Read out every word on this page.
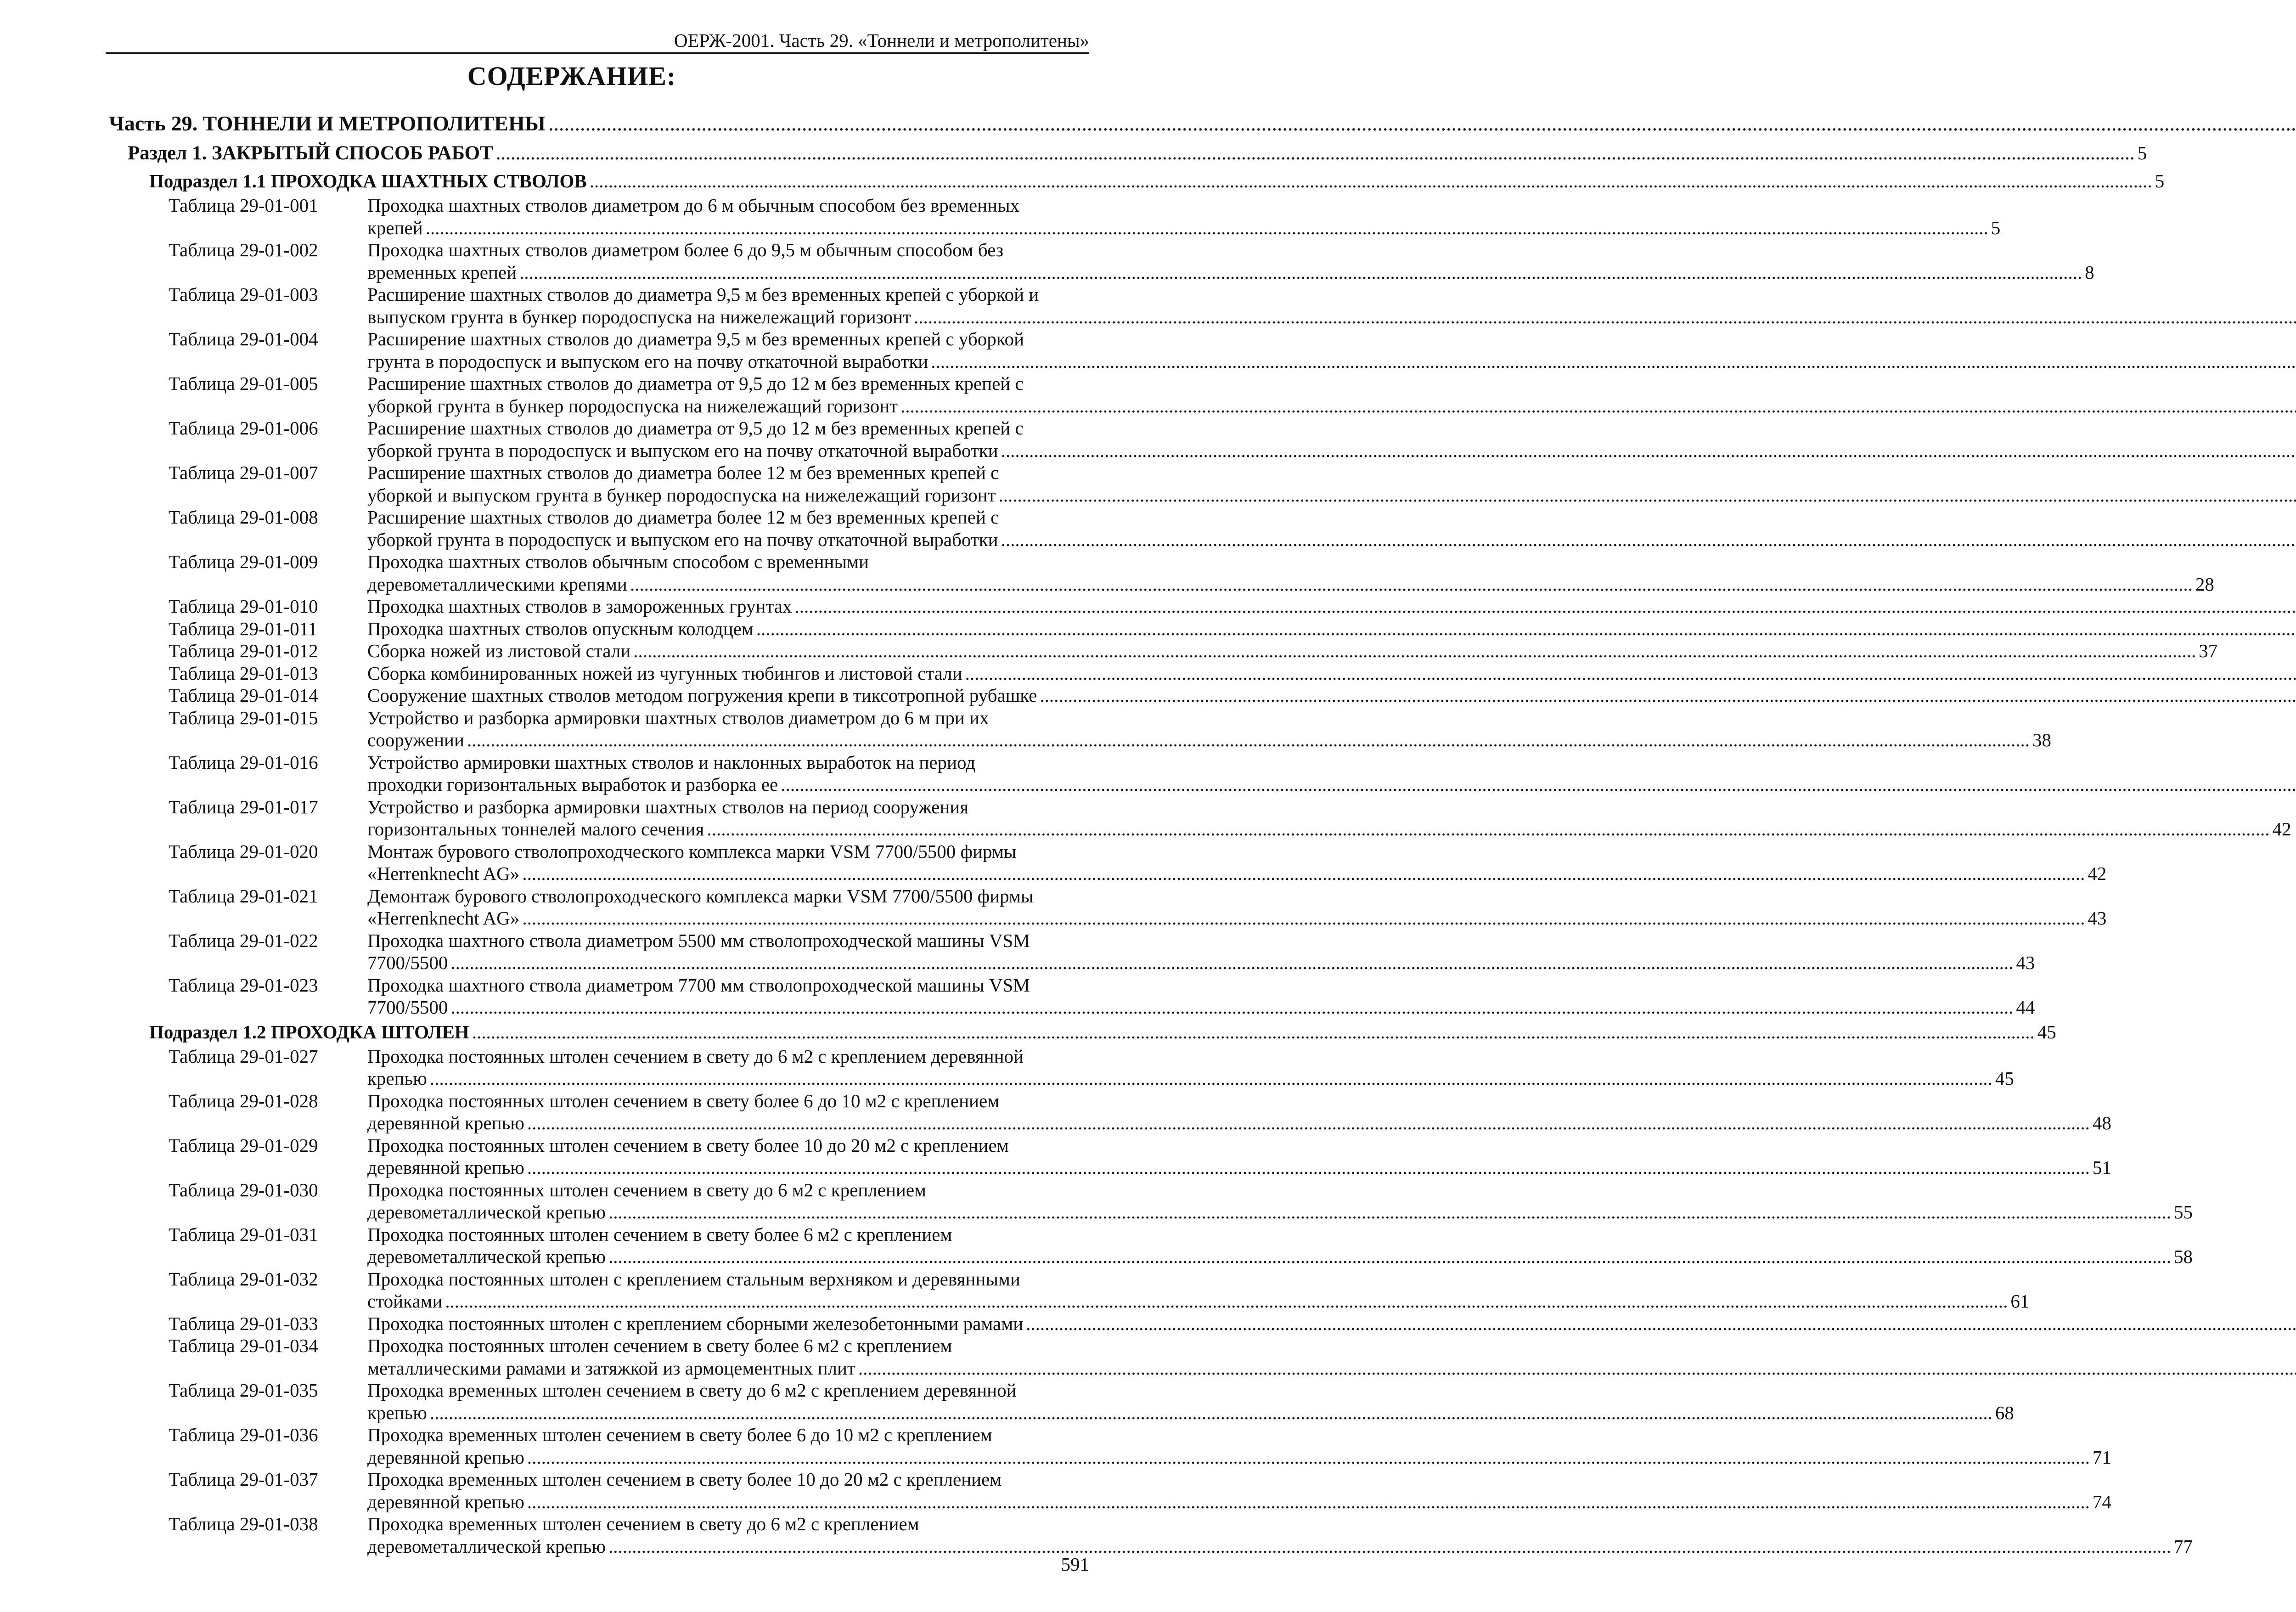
ОЕРЖ-2001. Часть 29. «Тоннели и метрополитены»
СОДЕРЖАНИЕ:
Часть 29. ТОННЕЛИ И МЕТРОПОЛИТЕНЫ
.....
Раздел 1. ЗАКРЫТЫЙ СПОСОБ РАБОТ .....	5
Подраздел 1.1 ПРОХОДКА ШАХТНЫХ СТВОЛОВ .....	5
Таблица 29-01-001	Проходка шахтных стволов диаметром до 6 м обычным способом без временных
крепей .....	5
Таблица 29-01-002	Проходка шахтных стволов диаметром более 6 до 9,5 м обычным способом без
временных крепей .....	8
Таблица 29-01-003	Расширение шахтных стволов до диаметра 9,5 м без временных крепей с уборкой и
выпуском грунта в бункер породоспуска на нижележащий горизонт
.....
Таблица 29-01-004	Расширение шахтных стволов до диаметра 9,5 м без временных крепей с уборкой
грунта в породоспуск и выпуском его на почву откаточной выработки
.....
Таблица 29-01-005	Расширение шахтных стволов до диаметра от 9,5 до 12 м без временных крепей с
уборкой грунта в бункер породоспуска на нижележащий горизонт
.....
Таблица 29-01-006	Расширение шахтных стволов до диаметра от 9,5 до 12 м без временных крепей с
уборкой грунта в породоспуск и выпуском его на почву откаточной выработки
.....
Таблица 29-01-007	Расширение шахтных стволов до диаметра более 12 м без временных крепей с
уборкой и выпуском грунта в бункер породоспуска на нижележащий горизонт
.....
Таблица 29-01-008	Расширение шахтных стволов до диаметра более 12 м без временных крепей с
уборкой грунта в породоспуск и выпуском его на почву откаточной выработки
.....
Таблица 29-01-009	Проходка шахтных стволов обычным способом с временными
деревометаллическими крепями .....	28
Таблица 29-01-010	Проходка шахтных стволов в замороженных грунтах
.....
Таблица 29-01-011	Проходка шахтных стволов опускным колодцем
.....
Таблица 29-01-012	Сборка ножей из листовой стали .....	37
Таблица 29-01-013	Сборка комбинированных ножей из чугунных тюбингов и листовой стали
.....
Таблица 29-01-014	Сооружение шахтных стволов методом погружения крепи в тиксотропной рубашке
.....
Таблица 29-01-015	Устройство и разборка армировки шахтных стволов диаметром до 6 м при их
сооружении .....	38
Таблица 29-01-016	Устройство армировки шахтных стволов и наклонных выработок на период
проходки горизонтальных выработок и разборка ее
.....
Таблица 29-01-017	Устройство и разборка армировки шахтных стволов на период сооружения
горизонтальных тоннелей малого сечения .....	42
Таблица 29-01-020	Монтаж бурового стволопроходческого комплекса марки VSM 7700/5500 фирмы
«Herrenknecht AG» .....	42
Таблица 29-01-021	Демонтаж бурового стволопроходческого комплекса марки VSM 7700/5500 фирмы
«Herrenknecht AG» .....	43
Таблица 29-01-022	Проходка шахтного ствола диаметром 5500 мм стволопроходческой машины VSM
7700/5500 .....	43
Таблица 29-01-023	Проходка шахтного ствола диаметром 7700 мм стволопроходческой машины VSM
7700/5500 .....	44
Подраздел 1.2 ПРОХОДКА ШТОЛЕН .....	45
Таблица 29-01-027	Проходка постоянных штолен сечением в свету до 6 м2 с креплением деревянной
крепью .....	45
Таблица 29-01-028	Проходка постоянных штолен сечением в свету более 6 до 10 м2 с креплением
деревянной крепью .....	48
Таблица 29-01-029	Проходка постоянных штолен сечением в свету более 10 до 20 м2 с креплением
деревянной крепью .....	51
Таблица 29-01-030	Проходка постоянных штолен сечением в свету до 6 м2 с креплением
деревометаллической крепью .....	55
Таблица 29-01-031	Проходка постоянных штолен сечением в свету более 6 м2 с креплением
деревометаллической крепью .....	58
Таблица 29-01-032	Проходка постоянных штолен с креплением стальным верхняком и деревянными
стойками .....	61
Таблица 29-01-033	Проходка постоянных штолен с креплением сборными железобетонными рамами
.....
Таблица 29-01-034	Проходка постоянных штолен сечением в свету более 6 м2 с креплением
металлическими рамами и затяжкой из армоцементных плит
.....
Таблица 29-01-035	Проходка временных штолен сечением в свету до 6 м2 с креплением деревянной
крепью .....	68
Таблица 29-01-036	Проходка временных штолен сечением в свету более 6 до 10 м2 с креплением
деревянной крепью .....	71
Таблица 29-01-037	Проходка временных штолен сечением в свету более 10 до 20 м2 с креплением
деревянной крепью .....	74
Таблица 29-01-038	Проходка временных штолен сечением в свету до 6 м2 с креплением
деревометаллической крепью .....	77
591
